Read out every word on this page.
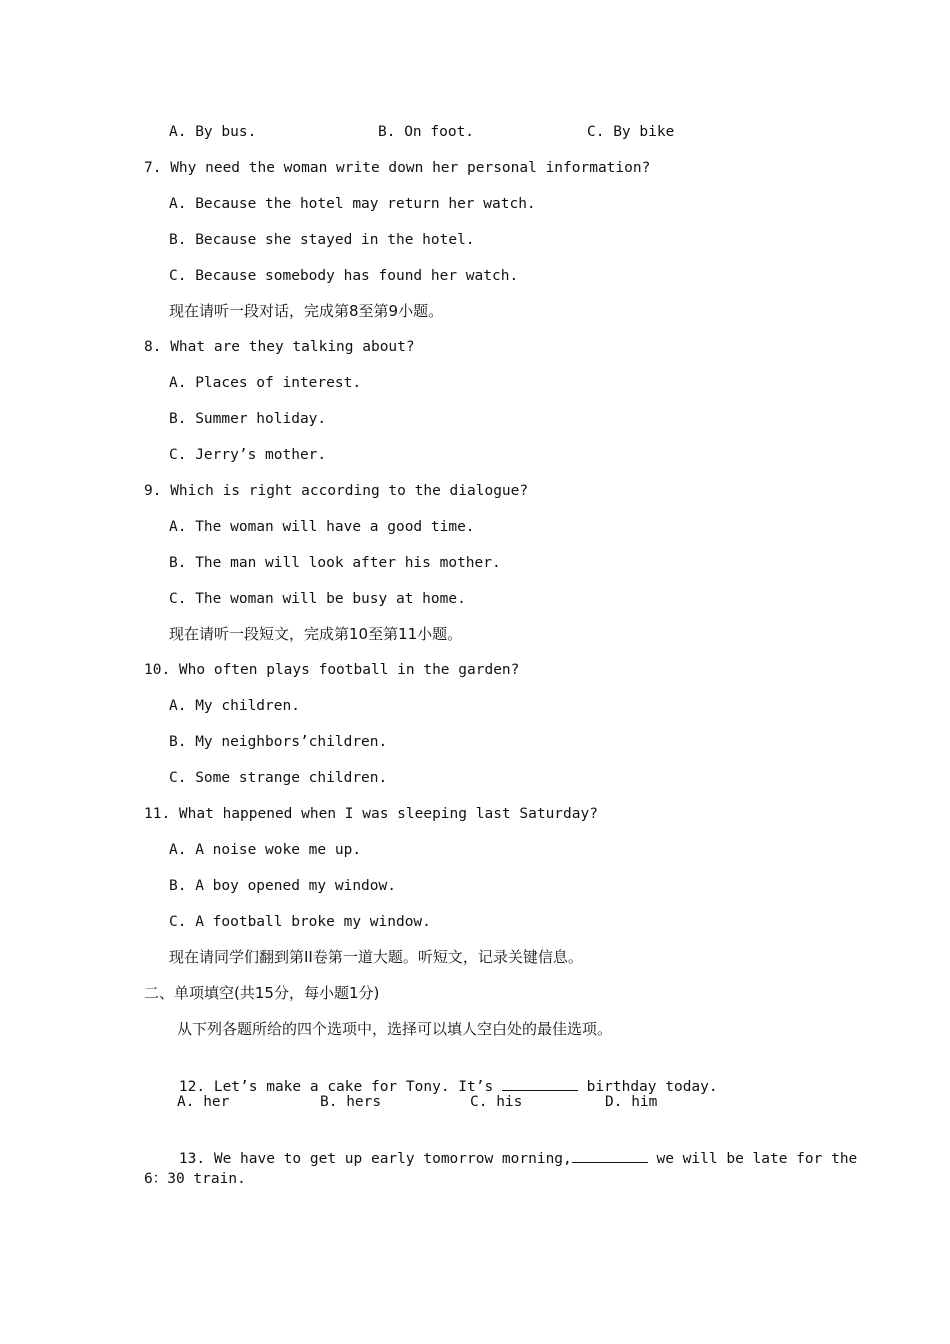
A. By bus.	B. On foot.	C. By bike
7. Why need the woman write down her personal information?
A. Because the hotel may return her watch.
B. Because she stayed in the hotel.
C. Because somebody has found her watch.
现在请听一段对话，完成第8至第9小题。
8. What are they talking about?
A. Places of interest.
B. Summer holiday.
C. Jerry’s mother.
9. Which is right according to the dialogue?
A. The woman will have a good time.
B. The man will look after his mother.
C. The woman will be busy at home.
现在请听一段短文，完成第10至第11小题。
10. Who often plays football in the garden?
A. My children.
B. My neighbors’children.
C. Some strange children.
11. What happened when I was sleeping last Saturday?
A. A noise woke me up.
B. A boy opened my window.
C. A football broke my window.
现在请同学们翻到第II卷第一道大题。听短文，记录关键信息。
二、单项填空(共15分，每小题1分)
从下列各题所给的四个选项中，选择可以填人空白处的最佳选项。

12. Let’s make a cake for Tony. It’s	birthday today.

A. her	B. hers	C. his	D. him

13. We have to get up early tomorrow morning,	we will be late for the

6：30 train.
